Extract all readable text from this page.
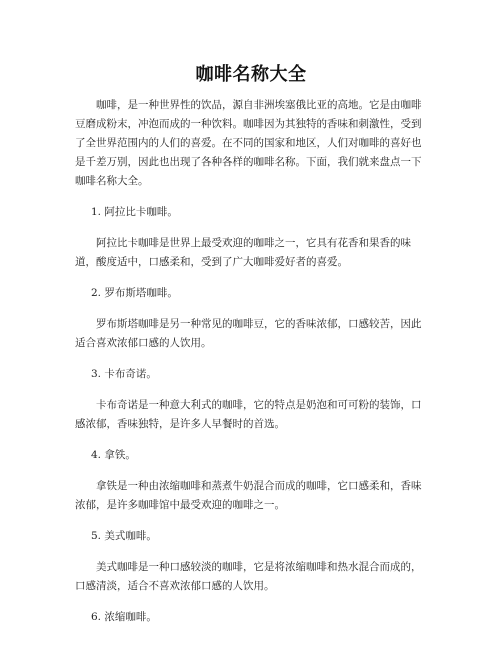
咖啡名称大全

咖啡，是一种世界性的饮品，源自非洲埃塞俄比亚的高地。它是由咖啡豆磨成粉末，冲泡而成的一种饮料。咖啡因为其独特的香味和刺激性，受到了全世界范围内的人们的喜爱。在不同的国家和地区，人们对咖啡的喜好也是千差万别，因此也出现了各种各样的咖啡名称。下面，我们就来盘点一下咖啡名称大全。

1. 阿拉比卡咖啡。

阿拉比卡咖啡是世界上最受欢迎的咖啡之一，它具有花香和果香的味道，酸度适中，口感柔和，受到了广大咖啡爱好者的喜爱。

2. 罗布斯塔咖啡。

罗布斯塔咖啡是另一种常见的咖啡豆，它的香味浓郁，口感较苦，因此适合喜欢浓郁口感的人饮用。

3. 卡布奇诺。

卡布奇诺是一种意大利式的咖啡，它的特点是奶泡和可可粉的装饰，口感浓郁，香味独特，是许多人早餐时的首选。

4. 拿铁。

拿铁是一种由浓缩咖啡和蒸煮牛奶混合而成的咖啡，它口感柔和，香味浓郁，是许多咖啡馆中最受欢迎的咖啡之一。

5. 美式咖啡。

美式咖啡是一种口感较淡的咖啡，它是将浓缩咖啡和热水混合而成的，口感清淡，适合不喜欢浓郁口感的人饮用。

6. 浓缩咖啡。
